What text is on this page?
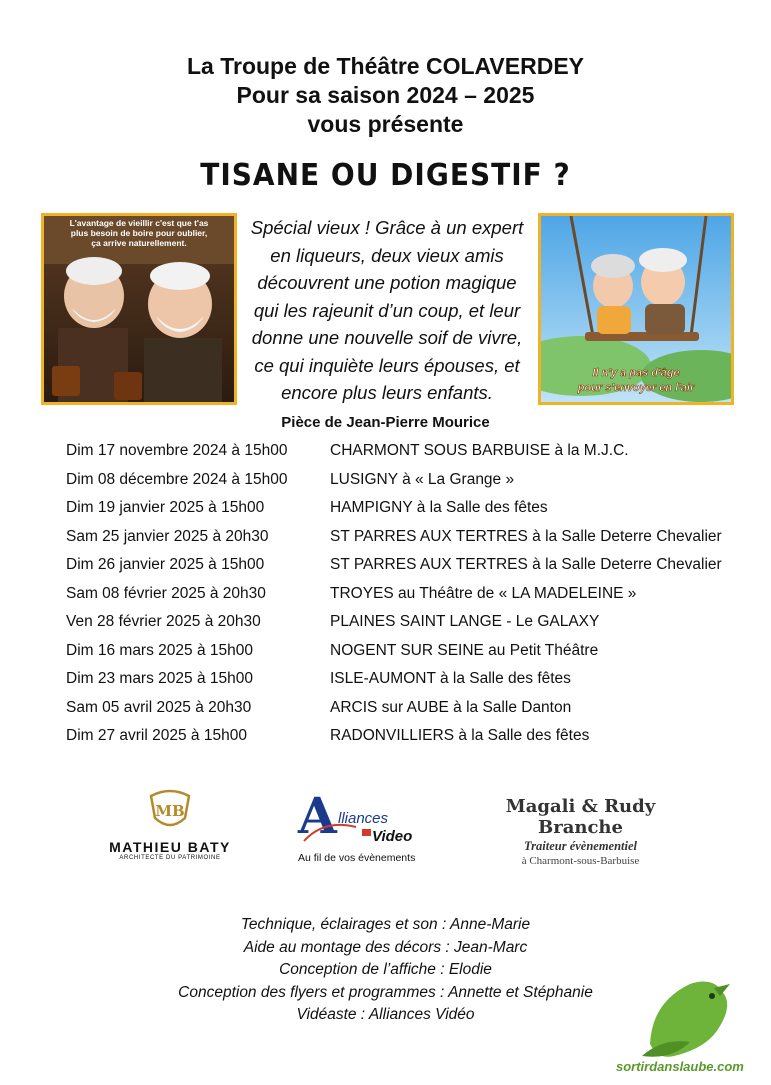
La Troupe de Théâtre COLAVERDEY
Pour sa saison 2024 – 2025
vous présente
TISANE OU DIGESTIF ?
L'avantage de vieillir c'est que t'as
plus besoin de boire pour oublier,
ça arrive naturellement.
Spécial vieux ! Grâce à un expert
en liqueurs, deux vieux amis
découvrent une potion magique
qui les rajeunit d’un coup, et leur
donne une nouvelle soif de vivre,
ce qui inquiète leurs épouses, et
encore plus leurs enfants.
Il n'y a pas d'âge
pour s'envoyer en l'air
Pièce de Jean-Pierre Mourice
Dim 17 novembre 2024 à 15h00	CHARMONT SOUS BARBUISE à la M.J.C.
Dim 08 décembre 2024 à 15h00	LUSIGNY à « La Grange »
Dim 19 janvier 2025 à 15h00	HAMPIGNY à la Salle des fêtes
Sam 25 janvier 2025 à 20h30	ST PARRES AUX TERTRES à la Salle Deterre Chevalier
Dim 26 janvier 2025 à 15h00	ST PARRES AUX TERTRES à la Salle Deterre Chevalier
Sam 08 février 2025 à 20h30	TROYES au Théâtre de « LA MADELEINE »
Ven 28 février 2025 à 20h30	PLAINES SAINT LANGE - Le GALAXY
Dim 16 mars 2025 à 15h00	NOGENT SUR SEINE au Petit Théâtre
Dim 23 mars 2025 à 15h00	ISLE-AUMONT à la Salle des fêtes
Sam 05 avril 2025 à 20h30	ARCIS sur AUBE à la Salle Danton
Dim 27 avril 2025 à 15h00	RADONVILLIERS à la Salle des fêtes
MB
MATHIEU BATY
ARCHITECTE DU PATRIMOINE
A lliances
Video
Au fil de vos évènements
Magali & Rudy Branche
Traiteur évènementiel
à Charmont-sous-Barbuise
Technique, éclairages et son : Anne-Marie
Aide au montage des décors : Jean-Marc
Conception de l’affiche : Elodie
Conception des flyers et programmes : Annette et Stéphanie
Vidéaste : Alliances Vidéo
sortirdanslaube.com
